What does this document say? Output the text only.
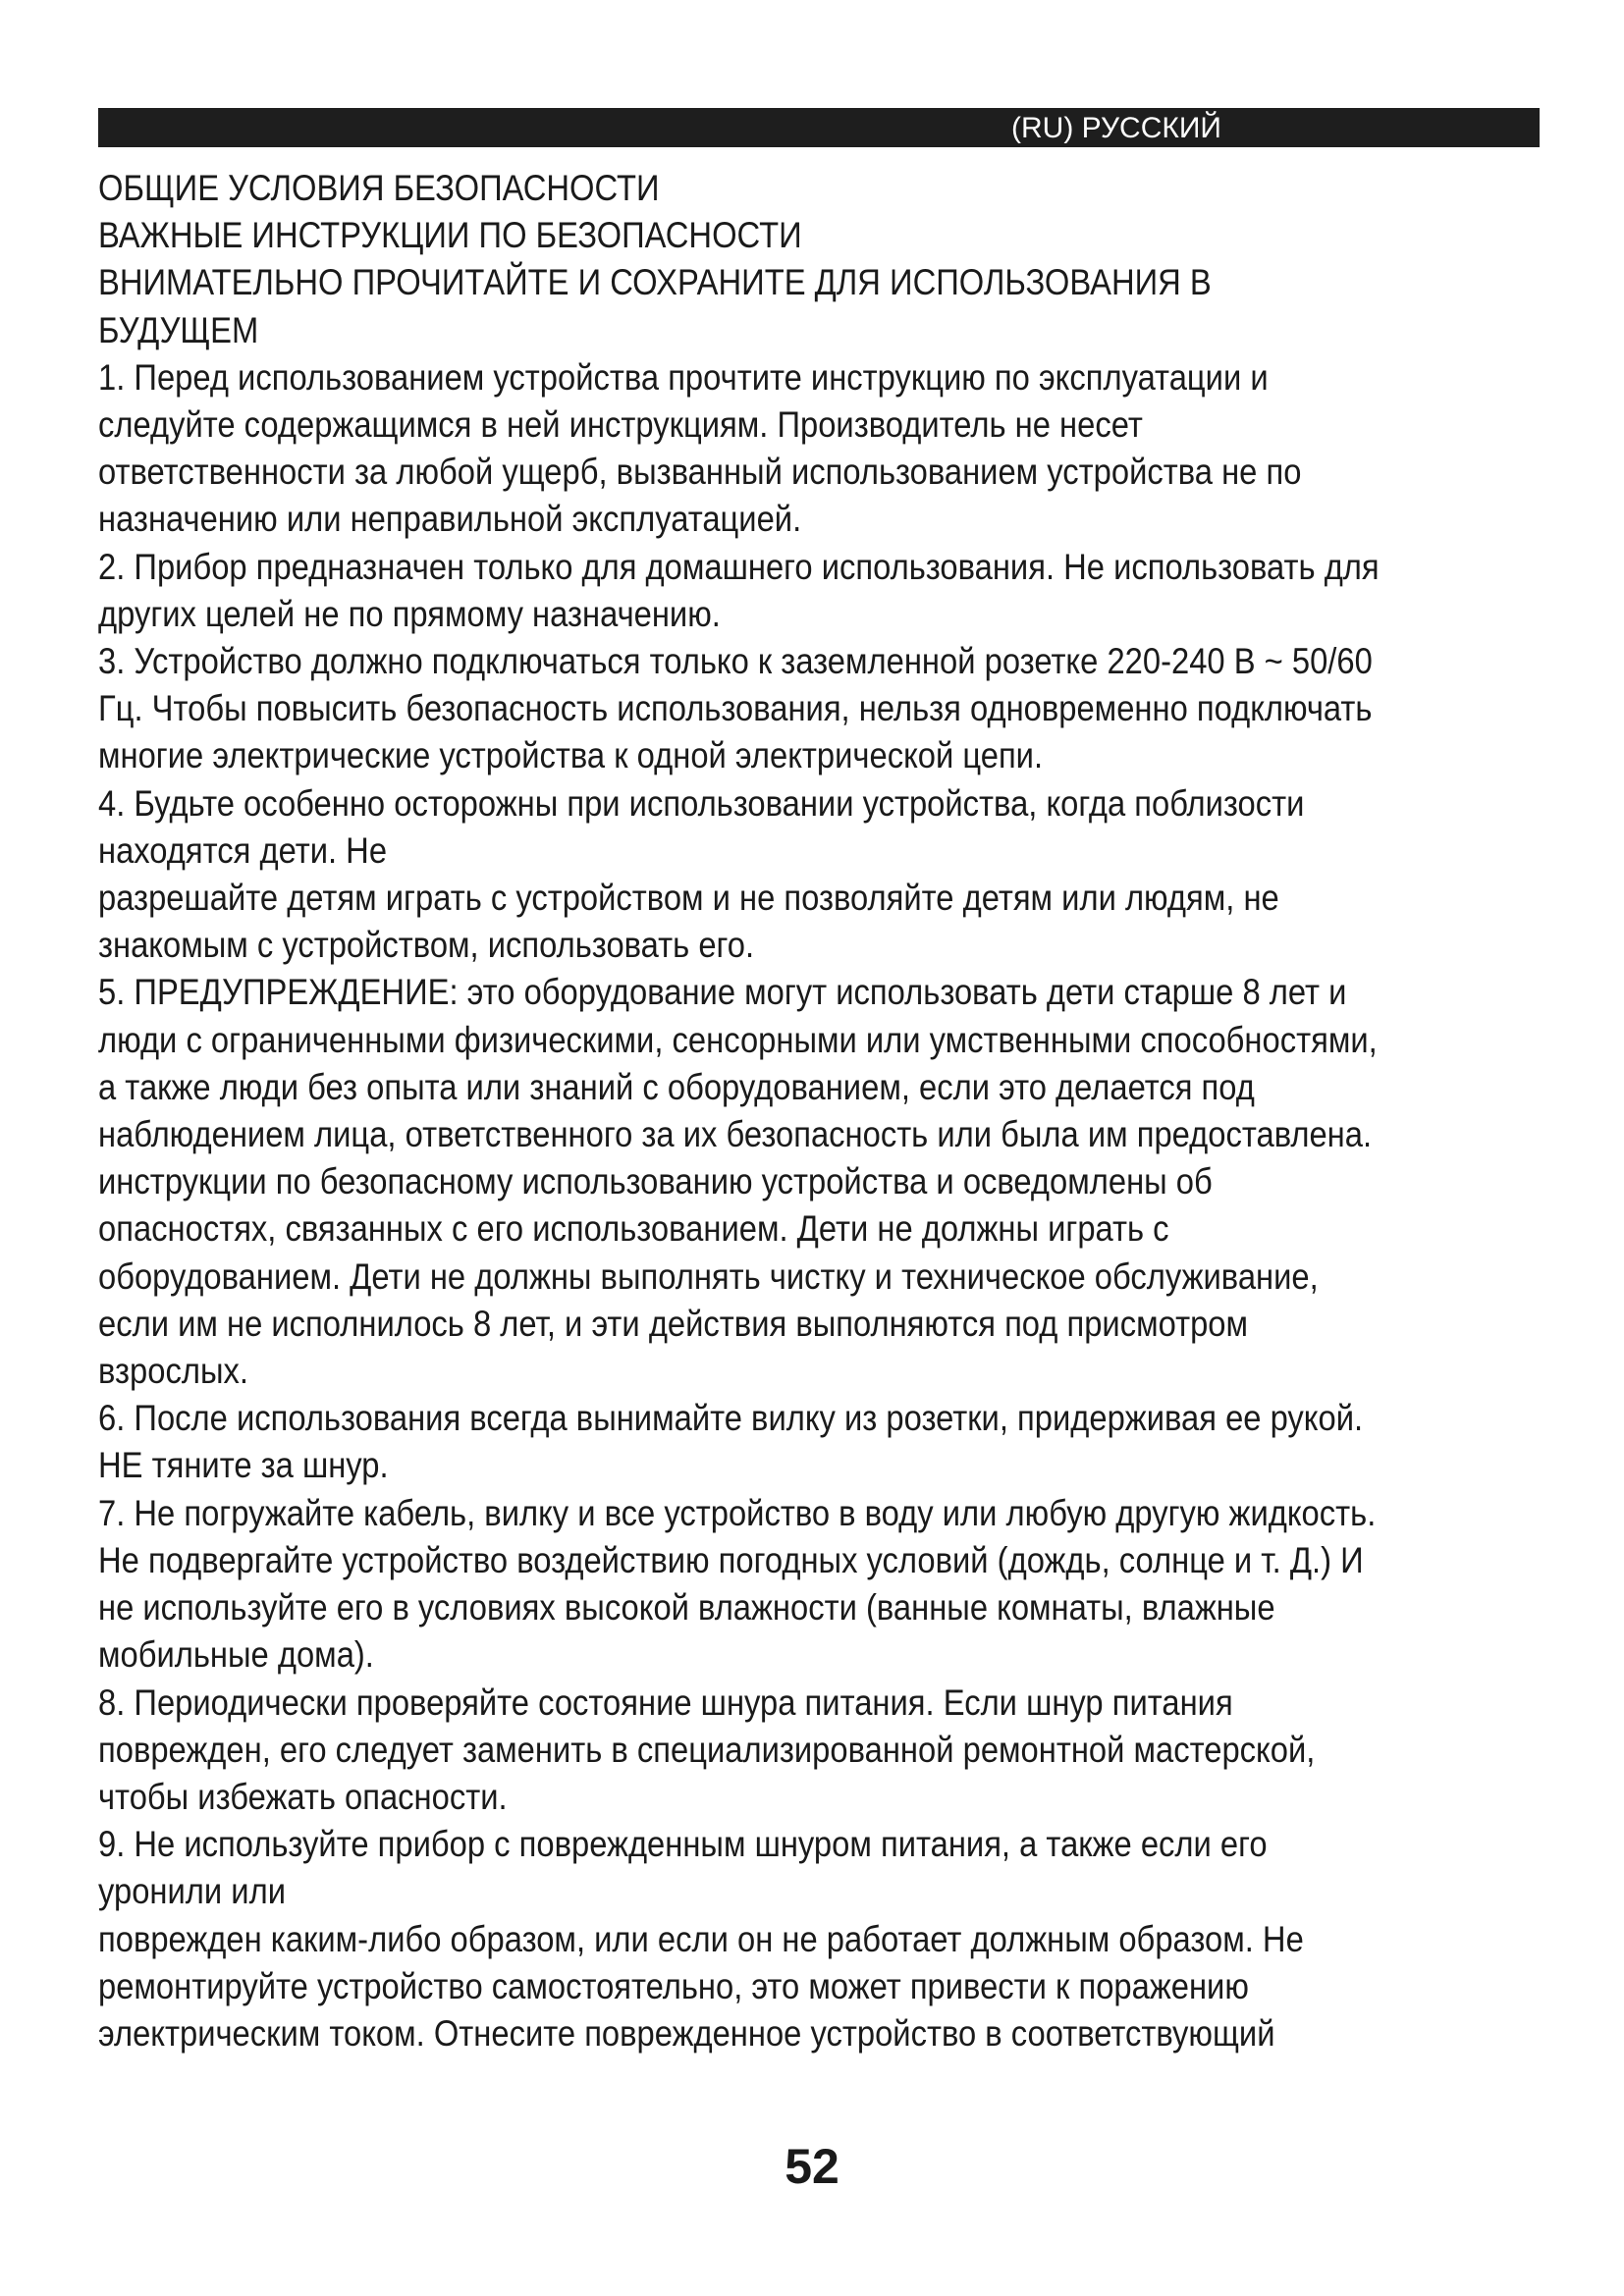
(RU) РУССКИЙ

ОБЩИЕ УСЛОВИЯ БЕЗОПАСНОСТИ

ВАЖНЫЕ ИНСТРУКЦИИ ПО БЕЗОПАСНОСТИ

ВНИМАТЕЛЬНО ПРОЧИТАЙТЕ И СОХРАНИТЕ ДЛЯ ИСПОЛЬЗОВАНИЯ В

БУДУЩЕМ

1. Перед использованием устройства прочтите инструкцию по эксплуатации и

следуйте содержащимся в ней инструкциям. Производитель не несет

ответственности за любой ущерб, вызванный использованием устройства не по

назначению или неправильной эксплуатацией.

2. Прибор предназначен только для домашнего использования. Не использовать для

других целей не по прямому назначению.

3. Устройство должно подключаться только к заземленной розетке 220-240 В ~ 50/60

Гц. Чтобы повысить безопасность использования, нельзя одновременно подключать

многие электрические устройства к одной электрической цепи.

4. Будьте особенно осторожны при использовании устройства, когда поблизости

находятся дети. Не

разрешайте детям играть с устройством и не позволяйте детям или людям, не

знакомым с устройством, использовать его.

5. ПРЕДУПРЕЖДЕНИЕ: это оборудование могут использовать дети старше 8 лет и

люди с ограниченными физическими, сенсорными или умственными способностями,

а также люди без опыта или знаний с оборудованием, если это делается под

наблюдением лица, ответственного за их безопасность или была им предоставлена.

инструкции по безопасному использованию устройства и осведомлены об

опасностях, связанных с его использованием. Дети не должны играть с

оборудованием. Дети не должны выполнять чистку и техническое обслуживание,

если им не исполнилось 8 лет, и эти действия выполняются под присмотром

взрослых.

6. После использования всегда вынимайте вилку из розетки, придерживая ее рукой.

НЕ тяните за шнур.

7. Не погружайте кабель, вилку и все устройство в воду или любую другую жидкость.

Не подвергайте устройство воздействию погодных условий (дождь, солнце и т. Д.) И

не используйте его в условиях высокой влажности (ванные комнаты, влажные

мобильные дома).

8. Периодически проверяйте состояние шнура питания. Если шнур питания

поврежден, его следует заменить в специализированной ремонтной мастерской,

чтобы избежать опасности.

9. Не используйте прибор с поврежденным шнуром питания, а также если его

уронили или

поврежден каким-либо образом, или если он не работает должным образом. Не

ремонтируйте устройство самостоятельно, это может привести к поражению

электрическим током. Отнесите поврежденное устройство в соответствующий

52
